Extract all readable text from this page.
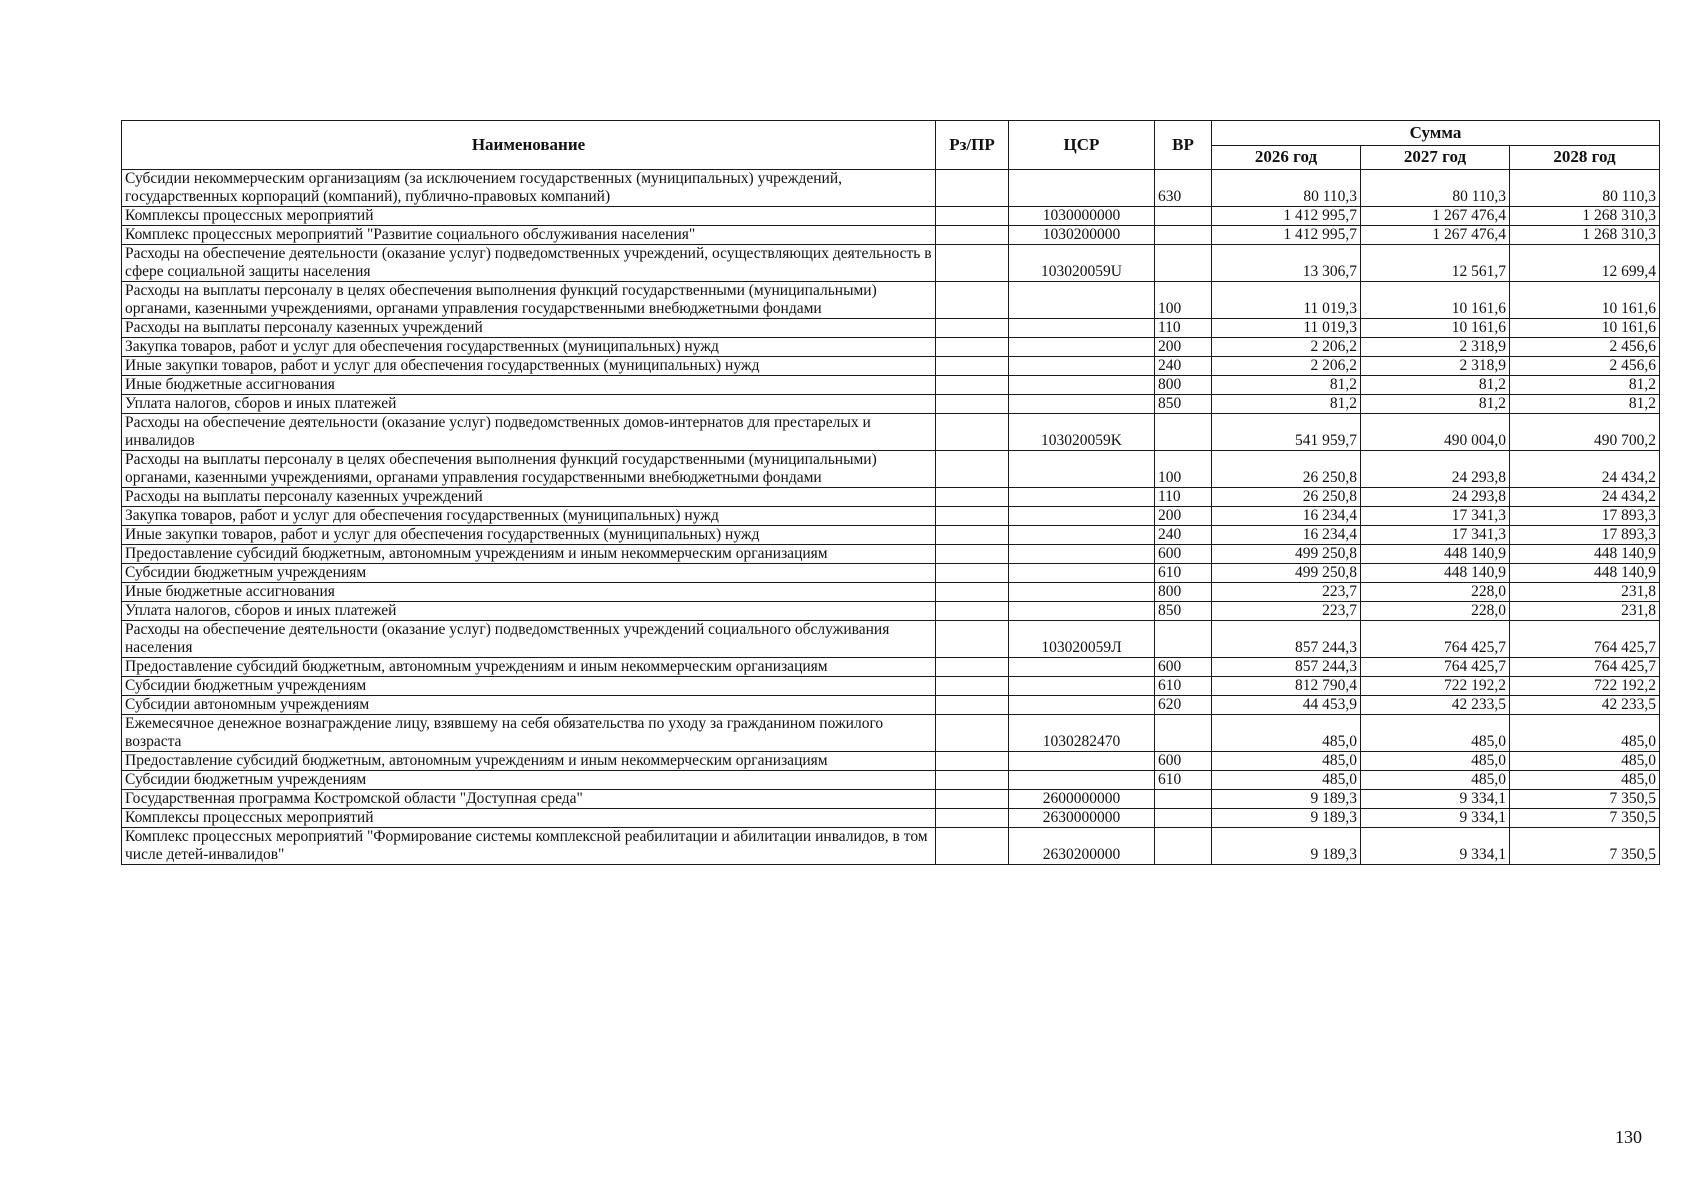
Наименование	Рз/ПР	ЦСР	ВР	Сумма		
				2026 год	2027 год	2028 год
Субсидии некоммерческим организациям (за исключением государственных (муниципальных) учреждений, государственных корпораций (компаний), публично-правовых компаний)			630	80 110,3	80 110,3	80 110,3
Комплексы процессных мероприятий		1030000000		1 412 995,7	1 267 476,4	1 268 310,3
Комплекс процессных мероприятий "Развитие социального обслуживания населения"		1030200000		1 412 995,7	1 267 476,4	1 268 310,3
Расходы на обеспечение деятельности (оказание услуг) подведомственных учреждений, осуществляющих деятельность в сфере социальной защиты населения		103020059U		13 306,7	12 561,7	12 699,4
Расходы на выплаты персоналу в целях обеспечения выполнения функций государственными (муниципальными) органами, казенными учреждениями, органами управления государственными внебюджетными фондами			100	11 019,3	10 161,6	10 161,6
Расходы на выплаты персоналу казенных учреждений			110	11 019,3	10 161,6	10 161,6
Закупка товаров, работ и услуг для обеспечения государственных (муниципальных) нужд			200	2 206,2	2 318,9	2 456,6
Иные закупки товаров, работ и услуг для обеспечения государственных (муниципальных) нужд			240	2 206,2	2 318,9	2 456,6
Иные бюджетные ассигнования			800	81,2	81,2	81,2
Уплата налогов, сборов и иных платежей			850	81,2	81,2	81,2
Расходы на обеспечение деятельности (оказание услуг) подведомственных домов-интернатов для престарелых и инвалидов		103020059K		541 959,7	490 004,0	490 700,2
Расходы на выплаты персоналу в целях обеспечения выполнения функций государственными (муниципальными) органами, казенными учреждениями, органами управления государственными внебюджетными фондами			100	26 250,8	24 293,8	24 434,2
Расходы на выплаты персоналу казенных учреждений			110	26 250,8	24 293,8	24 434,2
Закупка товаров, работ и услуг для обеспечения государственных (муниципальных) нужд			200	16 234,4	17 341,3	17 893,3
Иные закупки товаров, работ и услуг для обеспечения государственных (муниципальных) нужд			240	16 234,4	17 341,3	17 893,3
Предоставление субсидий бюджетным, автономным учреждениям и иным некоммерческим организациям			600	499 250,8	448 140,9	448 140,9
Субсидии бюджетным учреждениям			610	499 250,8	448 140,9	448 140,9
Иные бюджетные ассигнования			800	223,7	228,0	231,8
Уплата налогов, сборов и иных платежей			850	223,7	228,0	231,8
Расходы на обеспечение деятельности (оказание услуг) подведомственных учреждений социального обслуживания населения		103020059Л		857 244,3	764 425,7	764 425,7
Предоставление субсидий бюджетным, автономным учреждениям и иным некоммерческим организациям			600	857 244,3	764 425,7	764 425,7
Субсидии бюджетным учреждениям			610	812 790,4	722 192,2	722 192,2
Субсидии автономным учреждениям			620	44 453,9	42 233,5	42 233,5
Ежемесячное денежное вознаграждение лицу, взявшему на себя обязательства по уходу за гражданином пожилого возраста		1030282470		485,0	485,0	485,0
Предоставление субсидий бюджетным, автономным учреждениям и иным некоммерческим организациям			600	485,0	485,0	485,0
Субсидии бюджетным учреждениям			610	485,0	485,0	485,0
Государственная программа Костромской области "Доступная среда"		2600000000		9 189,3	9 334,1	7 350,5
Комплексы процессных мероприятий		2630000000		9 189,3	9 334,1	7 350,5
Комплекс процессных мероприятий "Формирование системы комплексной реабилитации и абилитации инвалидов, в том числе детей-инвалидов"		2630200000		9 189,3	9 334,1	7 350,5
130
